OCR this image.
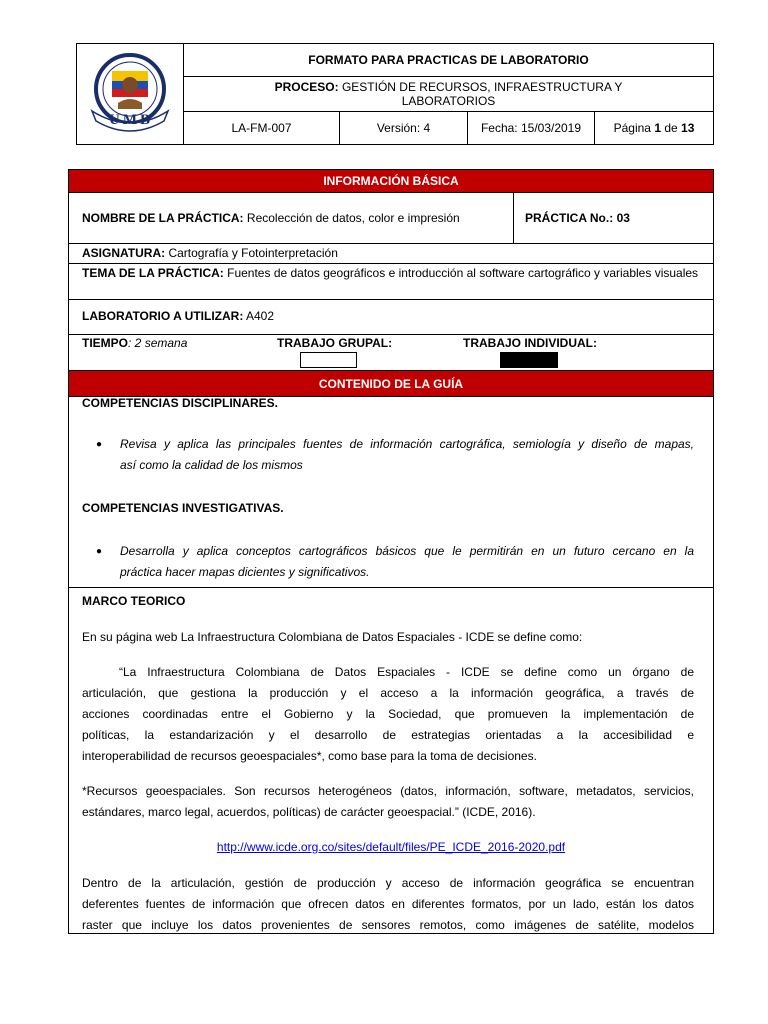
UMB
FORMATO PARA PRACTICAS DE LABORATORIO
PROCESO: GESTIÓN DE RECURSOS, INFRAESTRUCTURA Y LABORATORIOS
LA-FM-007	Versión: 4	Fecha: 15/03/2019	Página 1 de 13
INFORMACIÓN BÁSICA
NOMBRE DE LA PRÁCTICA: Recolección de datos, color e impresión	PRÁCTICA No.: 03
ASIGNATURA: Cartografía y Fotointerpretación
TEMA DE LA PRÁCTICA: Fuentes de datos geográficos e introducción al software cartográfico y variables visuales
LABORATORIO A UTILIZAR: A402
TIEMPO: 2 semana	TRABAJO GRUPAL:	TRABAJO INDIVIDUAL:
CONTENIDO DE LA GUÍA
COMPETENCIAS DISCIPLINARES.
● Revisa y aplica las principales fuentes de información cartográfica, semiología y diseño de mapas,
así como la calidad de los mismos
COMPETENCIAS INVESTIGATIVAS.
● Desarrolla y aplica conceptos cartográficos básicos que le permitirán en un futuro cercano en la
práctica hacer mapas dicientes y significativos.
MARCO TEORICO
En su página web La Infraestructura Colombiana de Datos Espaciales - ICDE se define como:
“La Infraestructura Colombiana de Datos Espaciales - ICDE se define como un órgano de
articulación, que gestiona la producción y el acceso a la información geográfica, a través de
acciones coordinadas entre el Gobierno y la Sociedad, que promueven la implementación de
políticas, la estandarización y el desarrollo de estrategias orientadas a la accesibilidad e
interoperabilidad de recursos geoespaciales*, como base para la toma de decisiones.
*Recursos geoespaciales. Son recursos heterogéneos (datos, información, software, metadatos, servicios,
estándares, marco legal, acuerdos, políticas) de carácter geoespacial.” (ICDE, 2016).
http://www.icde.org.co/sites/default/files/PE_ICDE_2016-2020.pdf
Dentro de la articulación, gestión de producción y acceso de información geográfica se encuentran
deferentes fuentes de información que ofrecen datos en diferentes formatos, por un lado, están los datos
raster que incluye los datos provenientes de sensores remotos, como imágenes de satélite, modelos
